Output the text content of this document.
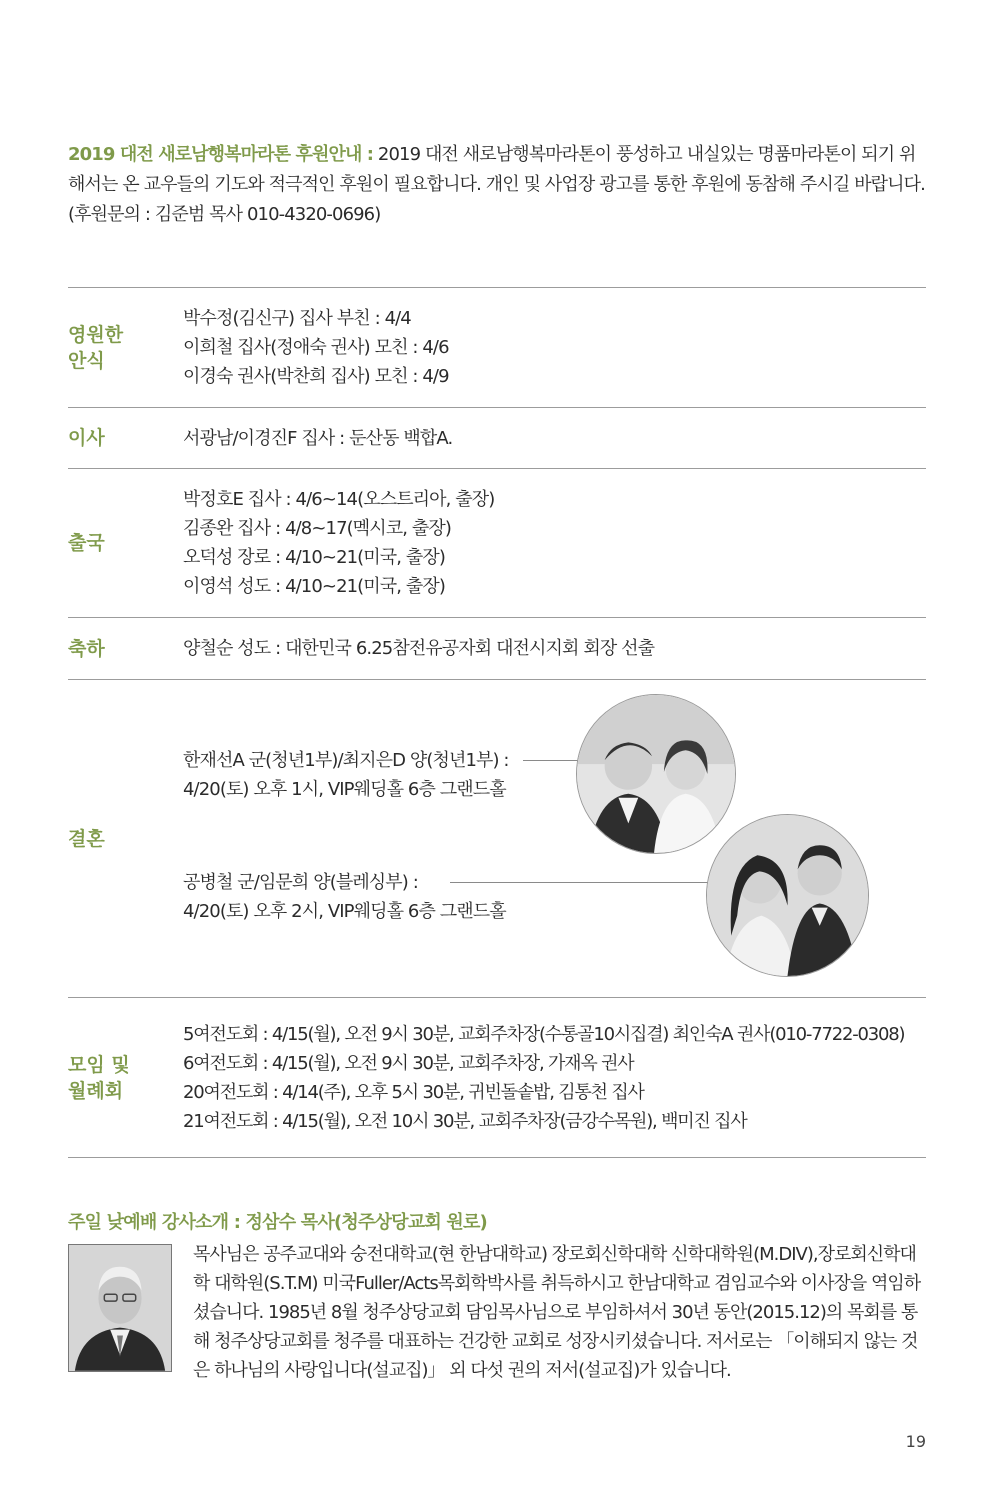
2019 대전 새로남행복마라톤 후원안내 : 2019 대전 새로남행복마라톤이 풍성하고 내실있는 명품마라톤이 되기 위해서는 온 교우들의 기도와 적극적인 후원이 필요합니다. 개인 및 사업장 광고를 통한 후원에 동참해 주시길 바랍니다. (후원문의 : 김준범 목사 010-4320-0696)
영원한
안식
박수정(김신구) 집사 부친 : 4/4
이희철 집사(정애숙 권사) 모친 : 4/6
이경숙 권사(박찬희 집사) 모친 : 4/9
이사	서광남/이경진F 집사 : 둔산동 백합A.
출국
박정호E 집사 : 4/6~14(오스트리아, 출장)
김종완 집사 : 4/8~17(멕시코, 출장)
오덕성 장로 : 4/10~21(미국, 출장)
이영석 성도 : 4/10~21(미국, 출장)
축하	양철순 성도 : 대한민국 6.25참전유공자회 대전시지회 회장 선출
결혼
한재선A 군(청년1부)/최지은D 양(청년1부) :
4/20(토) 오후 1시, VIP웨딩홀 6층 그랜드홀
공병철 군/임문희 양(블레싱부) :
4/20(토) 오후 2시, VIP웨딩홀 6층 그랜드홀
모임 및
월례회
5여전도회 : 4/15(월), 오전 9시 30분, 교회주차장(수통골10시집결) 최인숙A 권사(010-7722-0308)
6여전도회 : 4/15(월), 오전 9시 30분, 교회주차장, 가재옥 권사
20여전도회 : 4/14(주), 오후 5시 30분, 귀빈돌솥밥, 김통천 집사
21여전도회 : 4/15(월), 오전 10시 30분, 교회주차장(금강수목원), 백미진 집사
주일 낮예배 강사소개 : 정삼수 목사(청주상당교회 원로)
목사님은 공주교대와 숭전대학교(현 한남대학교) 장로회신학대학 신학대학원(M.DIV),장로회신학대학 대학원(S.T.M) 미국Fuller/Acts목회학박사를 취득하시고 한남대학교 겸임교수와 이사장을 역임하셨습니다. 1985년 8월 청주상당교회 담임목사님으로 부임하셔서 30년 동안(2015.12)의 목회를 통해 청주상당교회를 청주를 대표하는 건강한 교회로 성장시키셨습니다. 저서로는 「이해되지 않는 것은 하나님의 사랑입니다(설교집)」 외 다섯 권의 저서(설교집)가 있습니다.
19
